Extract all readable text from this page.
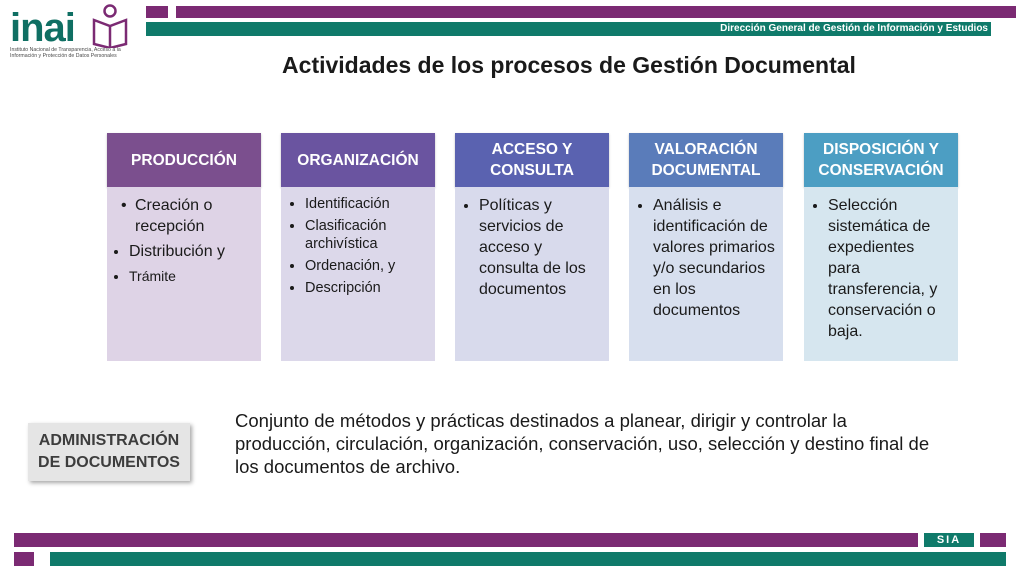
Dirección General de Gestión de Información y Estudios
inai
Instituto Nacional de Transparencia, Acceso a la Información y Protección de Datos Personales	Actividades de los procesos de Gestión Documental
PRODUCCIÓN
• Creación o recepción
• Distribución y
• Trámite
ORGANIZACIÓN
• Identificación
• Clasificación archivística
• Ordenación, y
• Descripción
ACCESO Y CONSULTA
• Políticas y servicios de acceso y consulta de los documentos
VALORACIÓN DOCUMENTAL
• Análisis e identificación de valores primarios y/o secundarios en los documentos
DISPOSICIÓN Y CONSERVACIÓN
• Selección sistemática de expedientes para transferencia, y conservación o baja.
ADMINISTRACIÓN DE DOCUMENTOS
Conjunto de métodos y prácticas destinados a planear, dirigir y controlar la producción, circulación, organización, conservación, uso, selección y destino final de los documentos de archivo.
SIA
